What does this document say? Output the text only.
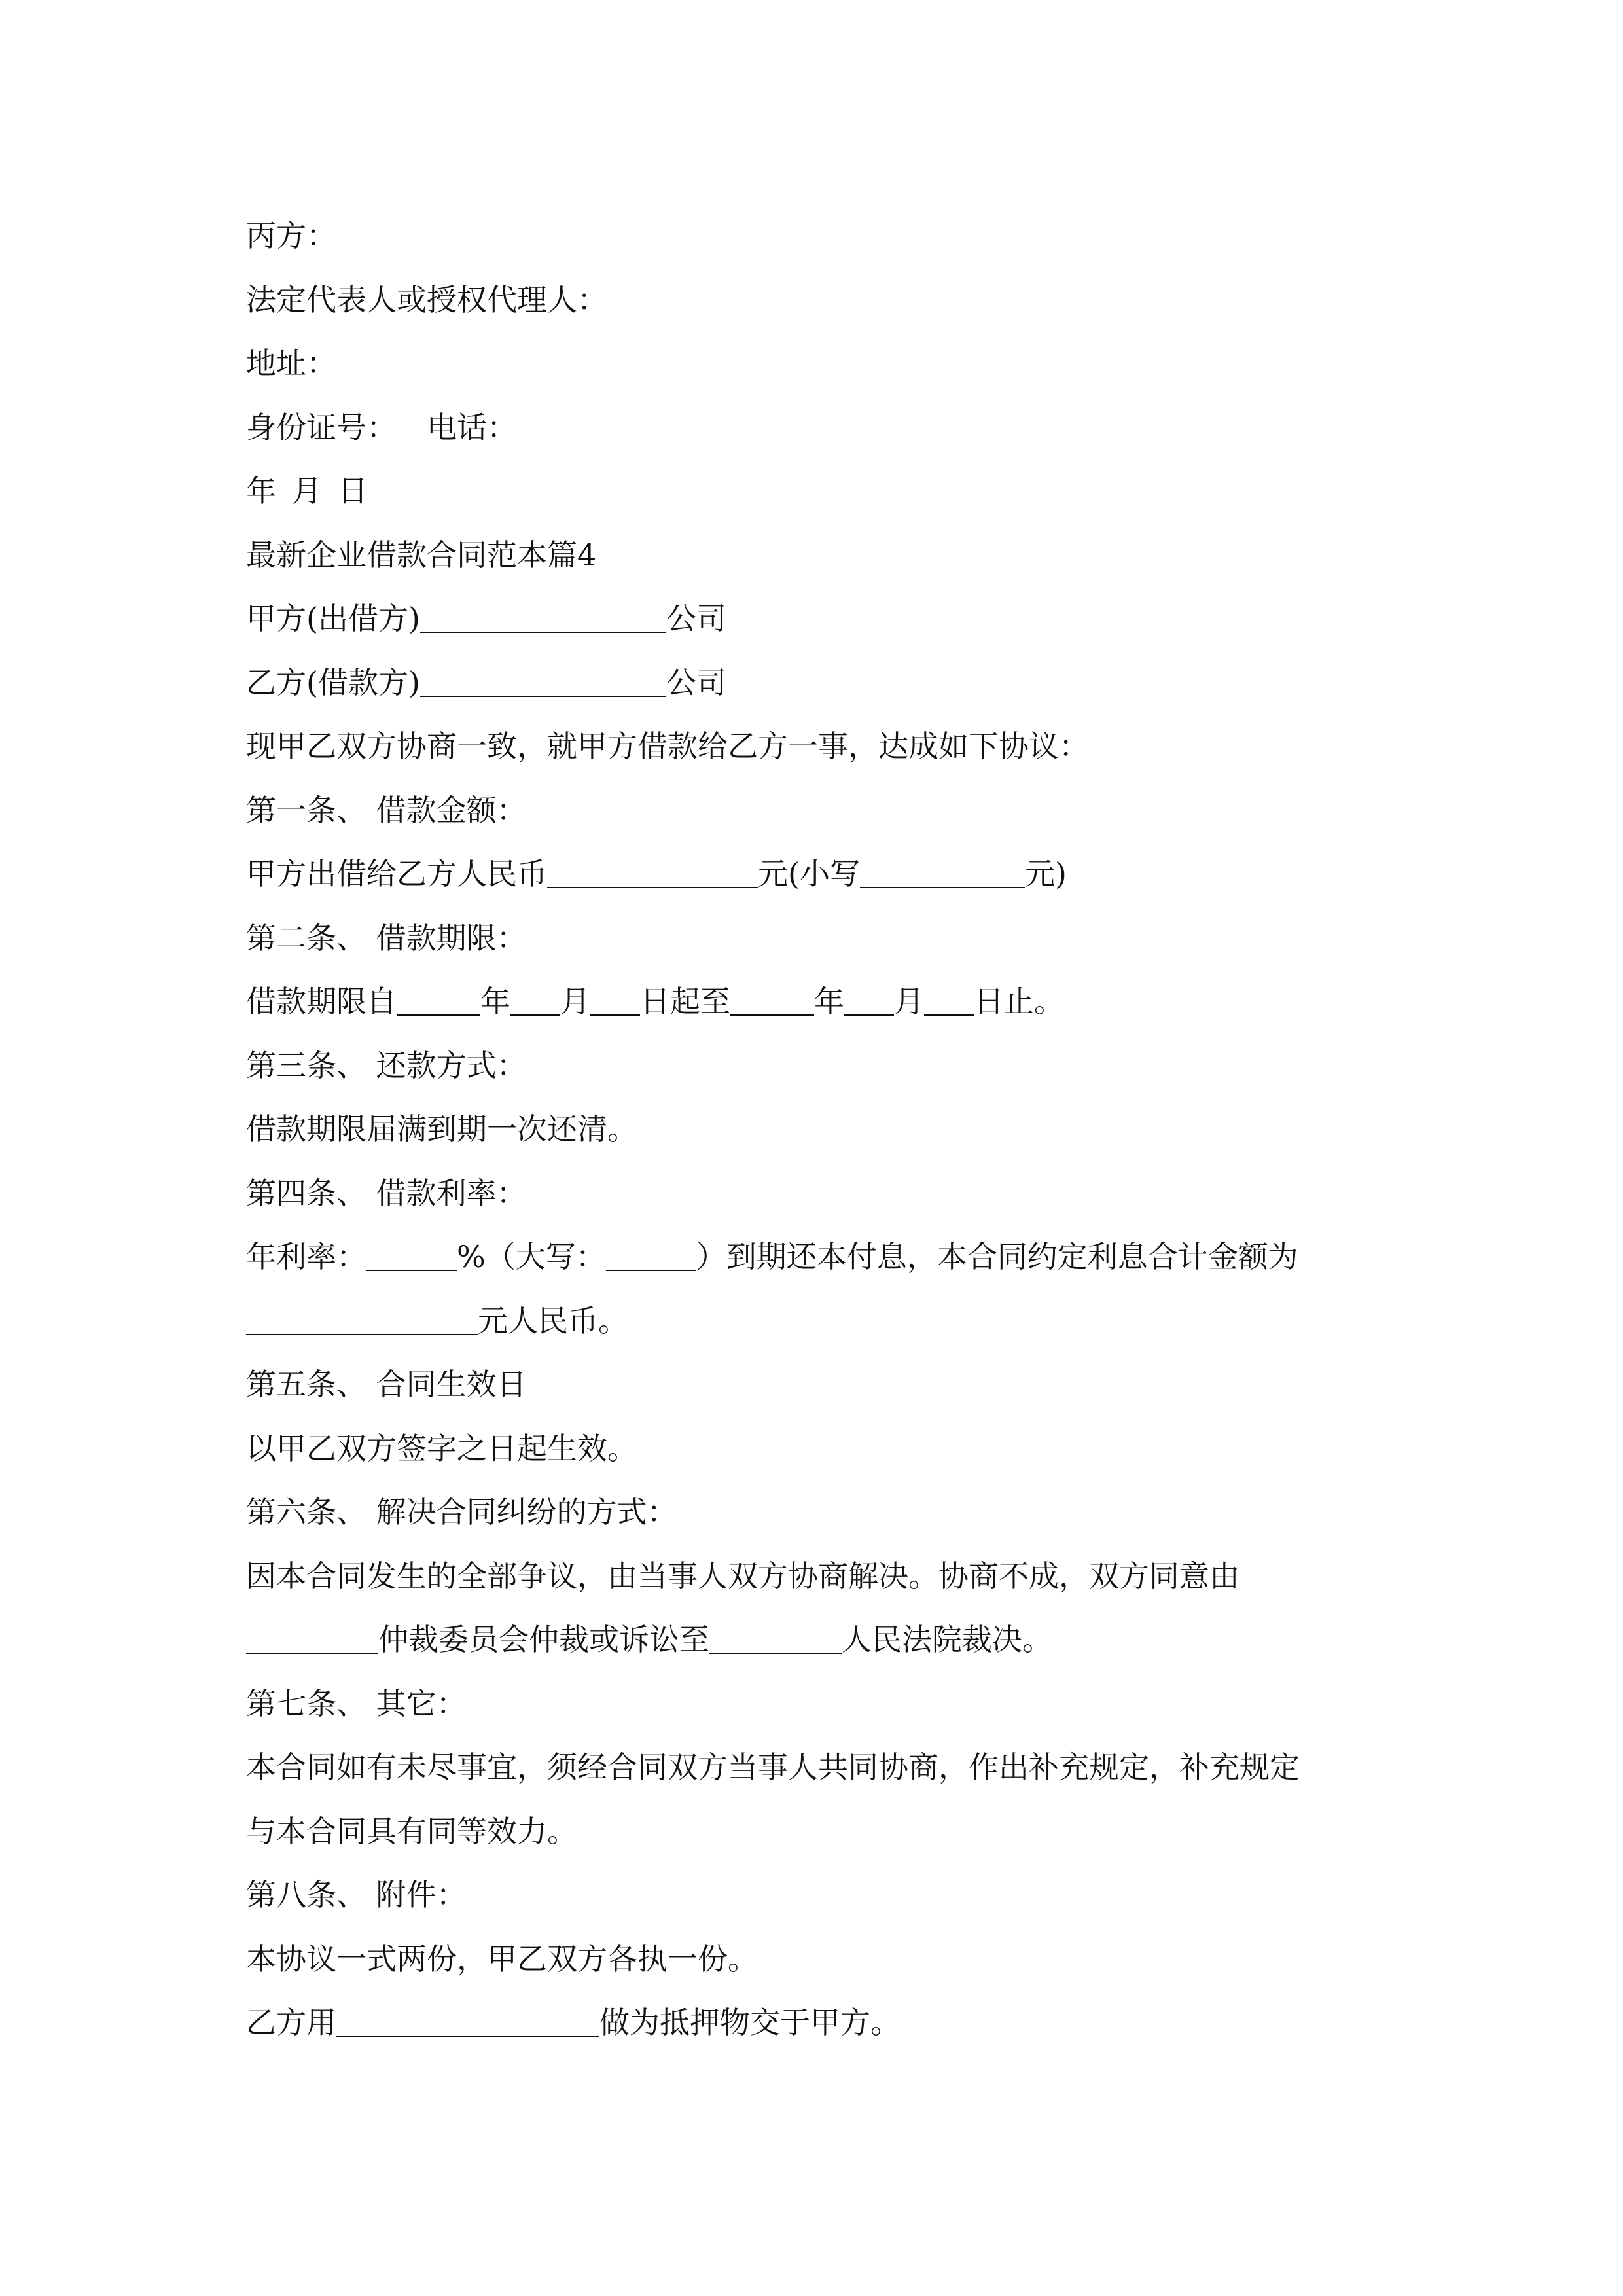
丙方：
法定代表人或授权代理人：
地址：
身份证号： 电话：
年 月 日
最新企业借款合同范本篇4
甲方(出借方)	公司
乙方(借款方)	公司
现甲乙双方协商一致，就甲方借款给乙方一事，达成如下协议：
第一条、 借款金额：
甲方出借给乙方人民币	元(小写	元)
第二条、 借款期限：
借款期限自	年 月 日起至	年 月 日止。
第三条、 还款方式：
借款期限届满到期一次还清。
第四条、 借款利率：
年利率：	%（大写：	）到期还本付息，本合同约定利息合计金额为
元人民币。
第五条、 合同生效日
以甲乙双方签字之日起生效。
第六条、 解决合同纠纷的方式：
因本合同发生的全部争议，由当事人双方协商解决。协商不成，双方同意由
仲裁委员会仲裁或诉讼至	人民法院裁决。
第七条、 其它：
本合同如有未尽事宜，须经合同双方当事人共同协商，作出补充规定，补充规定
与本合同具有同等效力。
第八条、 附件：
本协议一式两份，甲乙双方各执一份。
乙方用	做为抵押物交于甲方。
